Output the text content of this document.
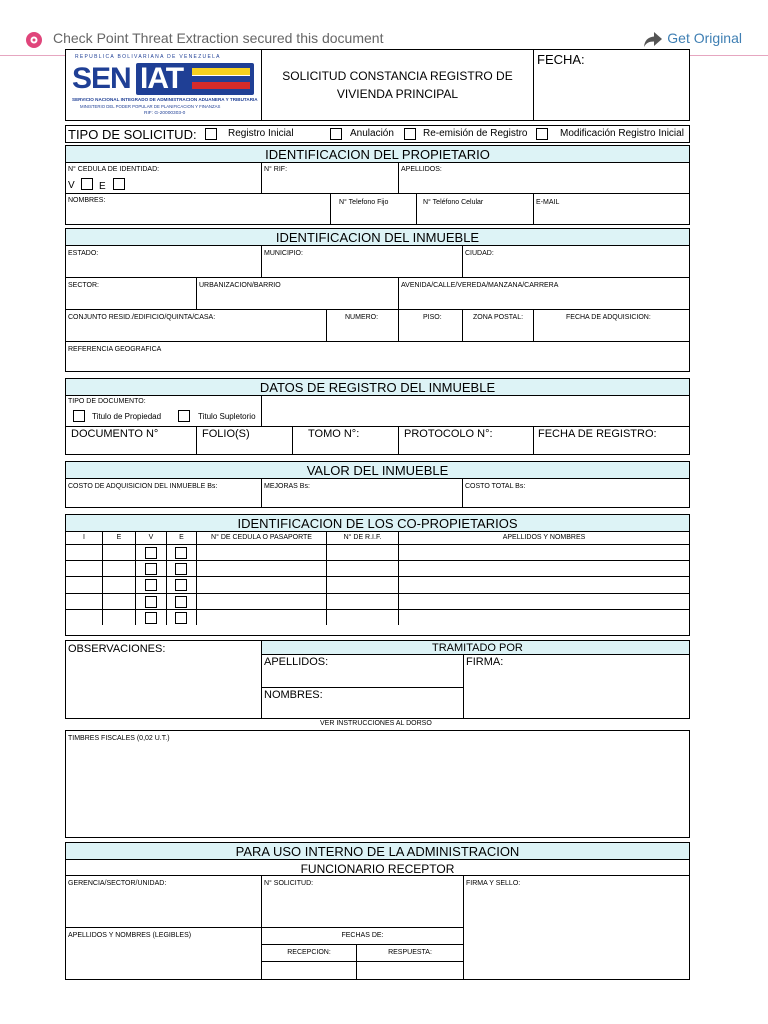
Check Point Threat Extraction secured this document	Get Original
REPUBLICA BOLIVARIANA DE VENEZUELA
SEN IAT
SERVICIO NACIONAL INTEGRADO DE ADMINISTRACION ADUANERA Y TRIBUTARIA
MINISTERIO DEL PODER POPULAR DE PLANIFICACION Y FINANZAS
RIF: G-20000303-0
SOLICITUD CONSTANCIA REGISTRO DE
VIVIENDA PRINCIPAL
FECHA:
TIPO DE SOLICITUD:	Registro Inicial	Anulación	Re-emisión de Registro	Modificación Registro Inicial
IDENTIFICACION DEL PROPIETARIO
N° CEDULA DE IDENTIDAD:
V E
N° RIF:	APELLIDOS:
NOMBRES:	N° Telefono Fijo	N° Teléfono Celular	E-MAIL
IDENTIFICACION DEL INMUEBLE
ESTADO:	MUNICIPIO:	CIUDAD:
SECTOR:	URBANIZACION/BARRIO	AVENIDA/CALLE/VEREDA/MANZANA/CARRERA
CONJUNTO RESID./EDIFICIO/QUINTA/CASA:	NUMERO:	PISO:	ZONA POSTAL:	FECHA DE ADQUISICION:
REFERENCIA GEOGRAFICA
DATOS DE REGISTRO DEL INMUEBLE
TIPO DE DOCUMENTO:
Titulo de Propiedad	Titulo Supletorio
DOCUMENTO N°	FOLIO(S)	TOMO N°:	PROTOCOLO N°:	FECHA DE REGISTRO:
VALOR DEL INMUEBLE
COSTO DE ADQUISICION DEL INMUEBLE Bs:	MEJORAS Bs:	COSTO TOTAL Bs:
IDENTIFICACION DE LOS CO-PROPIETARIOS
I	E	V	E	N° DE CEDULA O PASAPORTE	N° DE R.I.F.	APELLIDOS Y NOMBRES
OBSERVACIONES:	TRAMITADO POR
APELLIDOS:	FIRMA:
NOMBRES:
VER INSTRUCCIONES AL DORSO
TIMBRES FISCALES (0,02 U.T.)
PARA USO INTERNO DE LA ADMINISTRACION
FUNCIONARIO RECEPTOR
GERENCIA/SECTOR/UNIDAD:	N° SOLICITUD:	FIRMA Y SELLO:
APELLIDOS Y NOMBRES (LEGIBLES)	FECHAS DE:
RECEPCION:	RESPUESTA:
